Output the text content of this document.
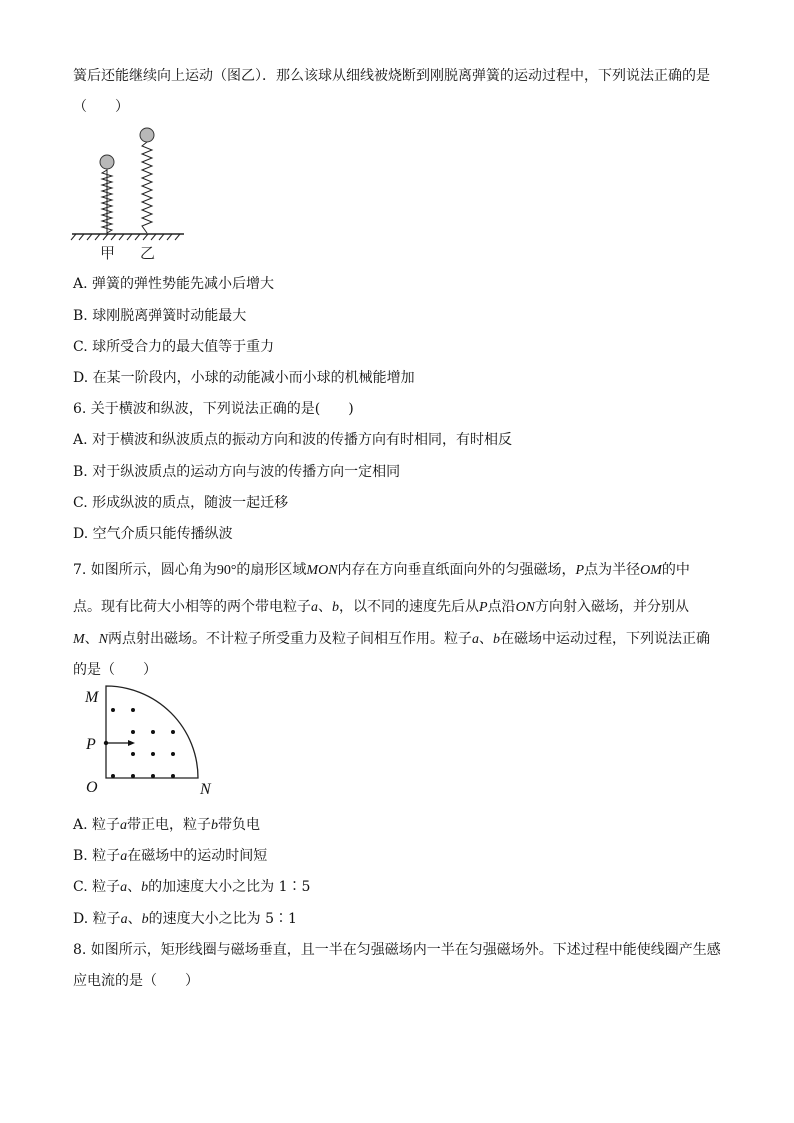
簧后还能继续向上运动（图乙）．那么该球从细线被烧断到刚脱离弹簧的运动过程中，下列说法正确的是
（　　）
甲 乙
A. 弹簧的弹性势能先减小后增大
B. 球刚脱离弹簧时动能最大
C. 球所受合力的最大值等于重力
D. 在某一阶段内，小球的动能减小而小球的机械能增加
6. 关于横波和纵波，下列说法正确的是(　　)
A. 对于横波和纵波质点的振动方向和波的传播方向有时相同，有时相反
B. 对于纵波质点的运动方向与波的传播方向一定相同
C. 形成纵波的质点，随波一起迁移
D. 空气介质只能传播纵波
7. 如图所示，圆心角为90°的扇形区域MON内存在方向垂直纸面向外的匀强磁场，P点为半径OM的中
点。现有比荷大小相等的两个带电粒子a、b，以不同的速度先后从P点沿ON方向射入磁场，并分别从
M、N两点射出磁场。不计粒子所受重力及粒子间相互作用。粒子a、b在磁场中运动过程，下列说法正确
的是（　　）
M
P
O	N
A. 粒子a带正电，粒子b带负电
B. 粒子a在磁场中的运动时间短
C. 粒子a、b的加速度大小之比为 1∶5
D. 粒子a、b的速度大小之比为 5∶1
8. 如图所示，矩形线圈与磁场垂直，且一半在匀强磁场内一半在匀强磁场外。下述过程中能使线圈产生感
应电流的是（　　）
